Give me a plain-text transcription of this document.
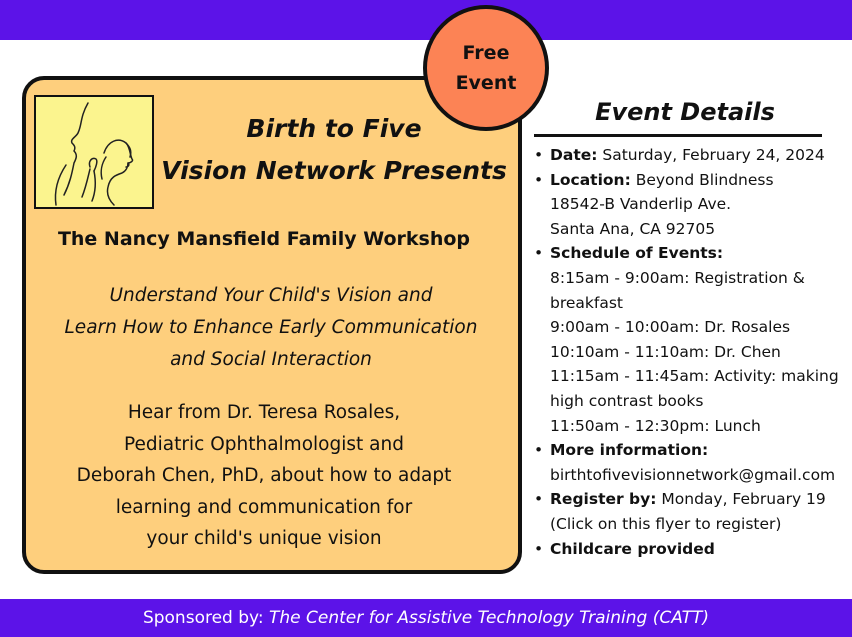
Free
Event
Birth to Five
Vision Network Presents
The Nancy Mansfield Family Workshop
Understand Your Child's Vision and
Learn How to Enhance Early Communication
and Social Interaction
Hear from Dr. Teresa Rosales,
Pediatric Ophthalmologist and
Deborah Chen, PhD, about how to adapt
learning and communication for
your child's unique vision
Event Details
• Date: Saturday, February 24, 2024
• Location: Beyond Blindness
18542-B Vanderlip Ave.
Santa Ana, CA 92705
• Schedule of Events:
8:15am - 9:00am: Registration &
breakfast
9:00am - 10:00am: Dr. Rosales
10:10am - 11:10am: Dr. Chen
11:15am - 11:45am: Activity: making
high contrast books
11:50am - 12:30pm: Lunch
• More information:
birthtofivevisionnetwork@gmail.com
• Register by: Monday, February 19
(Click on this flyer to register)
• Childcare provided
Sponsored by: The Center for Assistive Technology Training (CATT)
